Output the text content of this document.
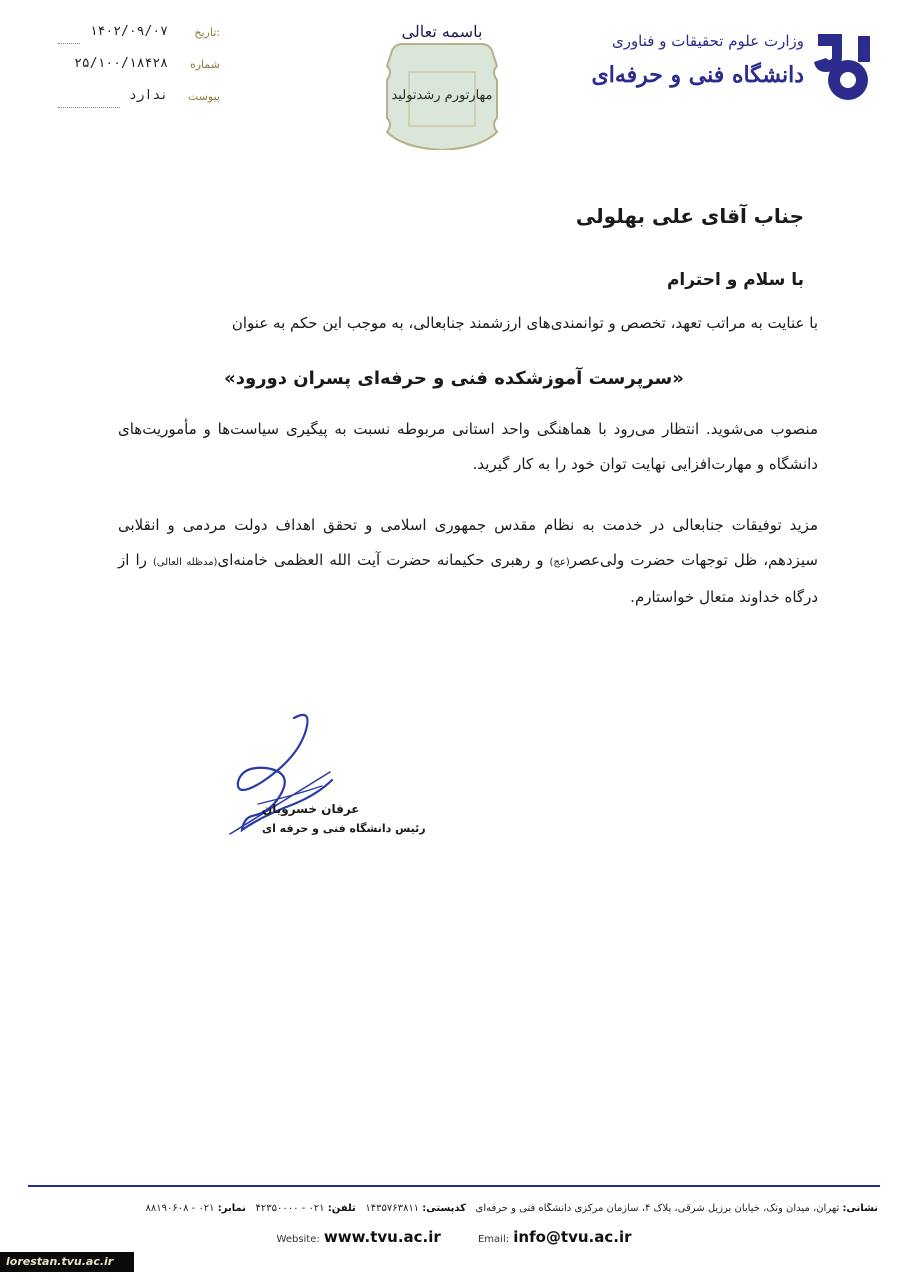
۱۴۰۲/۰۹/۰۷ تاریخ:
۲۵/۱۰۰/۱۸۴۲۸ شماره
ندارد پیوست
باسمه تعالی
مهارتورم رشدتولید
وزارت علوم تحقیقات و فناوری
دانشگاه فنی و حرفه‌ای
جناب آقای علی بهلولی
با سلام و احترام
با عنایت به مراتب تعهد، تخصص و توانمندی‌های ارزشمند جنابعالی، به موجب این حکم به عنوان
«سرپرست آموزشکده فنی و حرفه‌ای پسران دورود»
منصوب می‌شوید. انتظار می‌رود با هماهنگی واحد استانی مربوطه نسبت به پیگیری سیاست‌ها و مأموریت‌های دانشگاه و مهارت‌افزایی نهایت توان خود را به کار گیرید.
مزید توفیقات جنابعالی در خدمت به نظام مقدس جمهوری اسلامی و تحقق اهداف دولت مردمی و انقلابی سیزدهم، ظل توجهات حضرت ولی‌عصر(عج) و رهبری حکیمانه حضرت آیت الله العظمی خامنه‌ای(مدظله العالی) را از درگاه خداوند متعال خواستارم.
عرفان خسرویان
رئیس دانشگاه فنی و حرفه ای
نشانی: تهران، میدان ونک، خیابان برزیل شرقی، پلاک ۴، سازمان مرکزی دانشگاه فنی و حرفه‌ای   کدپستی: ۱۴۳۵۷۶۳۸۱۱   تلفن: ۰۲۱ - ۴۲۳۵۰۰۰۰   نمابر: ۰۲۱ - ۸۸۱۹۰۶۰۸
Website: www.tvu.ac.ir	Email: info@tvu.ac.ir
lorestan.tvu.ac.ir
